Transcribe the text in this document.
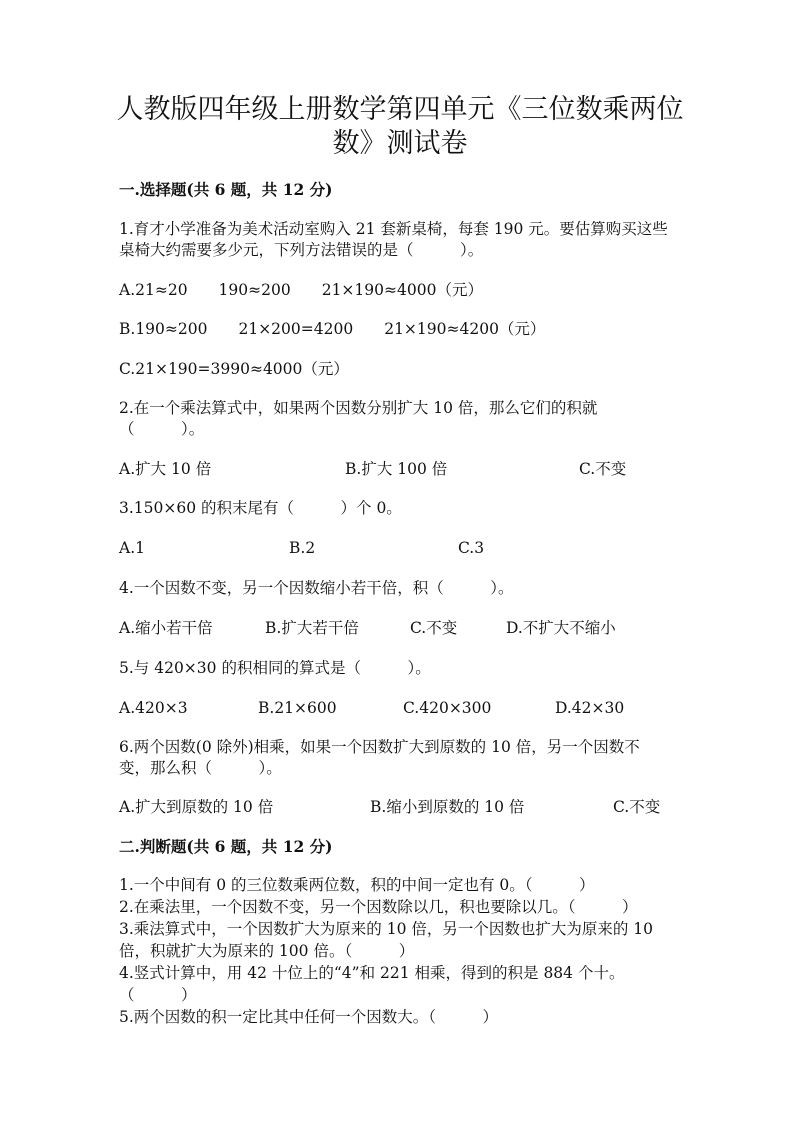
人教版四年级上册数学第四单元《三位数乘两位
数》测试卷
一.选择题(共 6 题，共 12 分)
1.育才小学准备为美术活动室购入 21 套新桌椅，每套 190 元。要估算购买这些
桌椅大约需要多少元，下列方法错误的是（　　　）。
A.21≈20　　190≈200　　21×190≈4000（元）
B.190≈200　　21×200=4200　　21×190≈4200（元）
C.21×190=3990≈4000（元）
2.在一个乘法算式中，如果两个因数分别扩大 10 倍，那么它们的积就
（　　　）。
A.扩大 10 倍	B.扩大 100 倍	C.不变
3.150×60 的积末尾有（　　　）个 0。
A.1	B.2	C.3
4.一个因数不变，另一个因数缩小若干倍，积（　　　）。
A.缩小若干倍	B.扩大若干倍	C.不变	D.不扩大不缩小
5.与 420×30 的积相同的算式是（　　　）。
A.420×3	B.21×600	C.420×300	D.42×30
6.两个因数(0 除外)相乘，如果一个因数扩大到原数的 10 倍，另一个因数不
变，那么积（　　　）。
A.扩大到原数的 10 倍	B.缩小到原数的 10 倍	C.不变
二.判断题(共 6 题，共 12 分)
1.一个中间有 0 的三位数乘两位数，积的中间一定也有 0。（　　　）
2.在乘法里，一个因数不变，另一个因数除以几，积也要除以几。（　　　）
3.乘法算式中，一个因数扩大为原来的 10 倍，另一个因数也扩大为原来的 10
倍，积就扩大为原来的 100 倍。（　　　）
4.竖式计算中，用 42 十位上的“4”和 221 相乘，得到的积是 884 个十。
（　　　）
5.两个因数的积一定比其中任何一个因数大。（　　　）
